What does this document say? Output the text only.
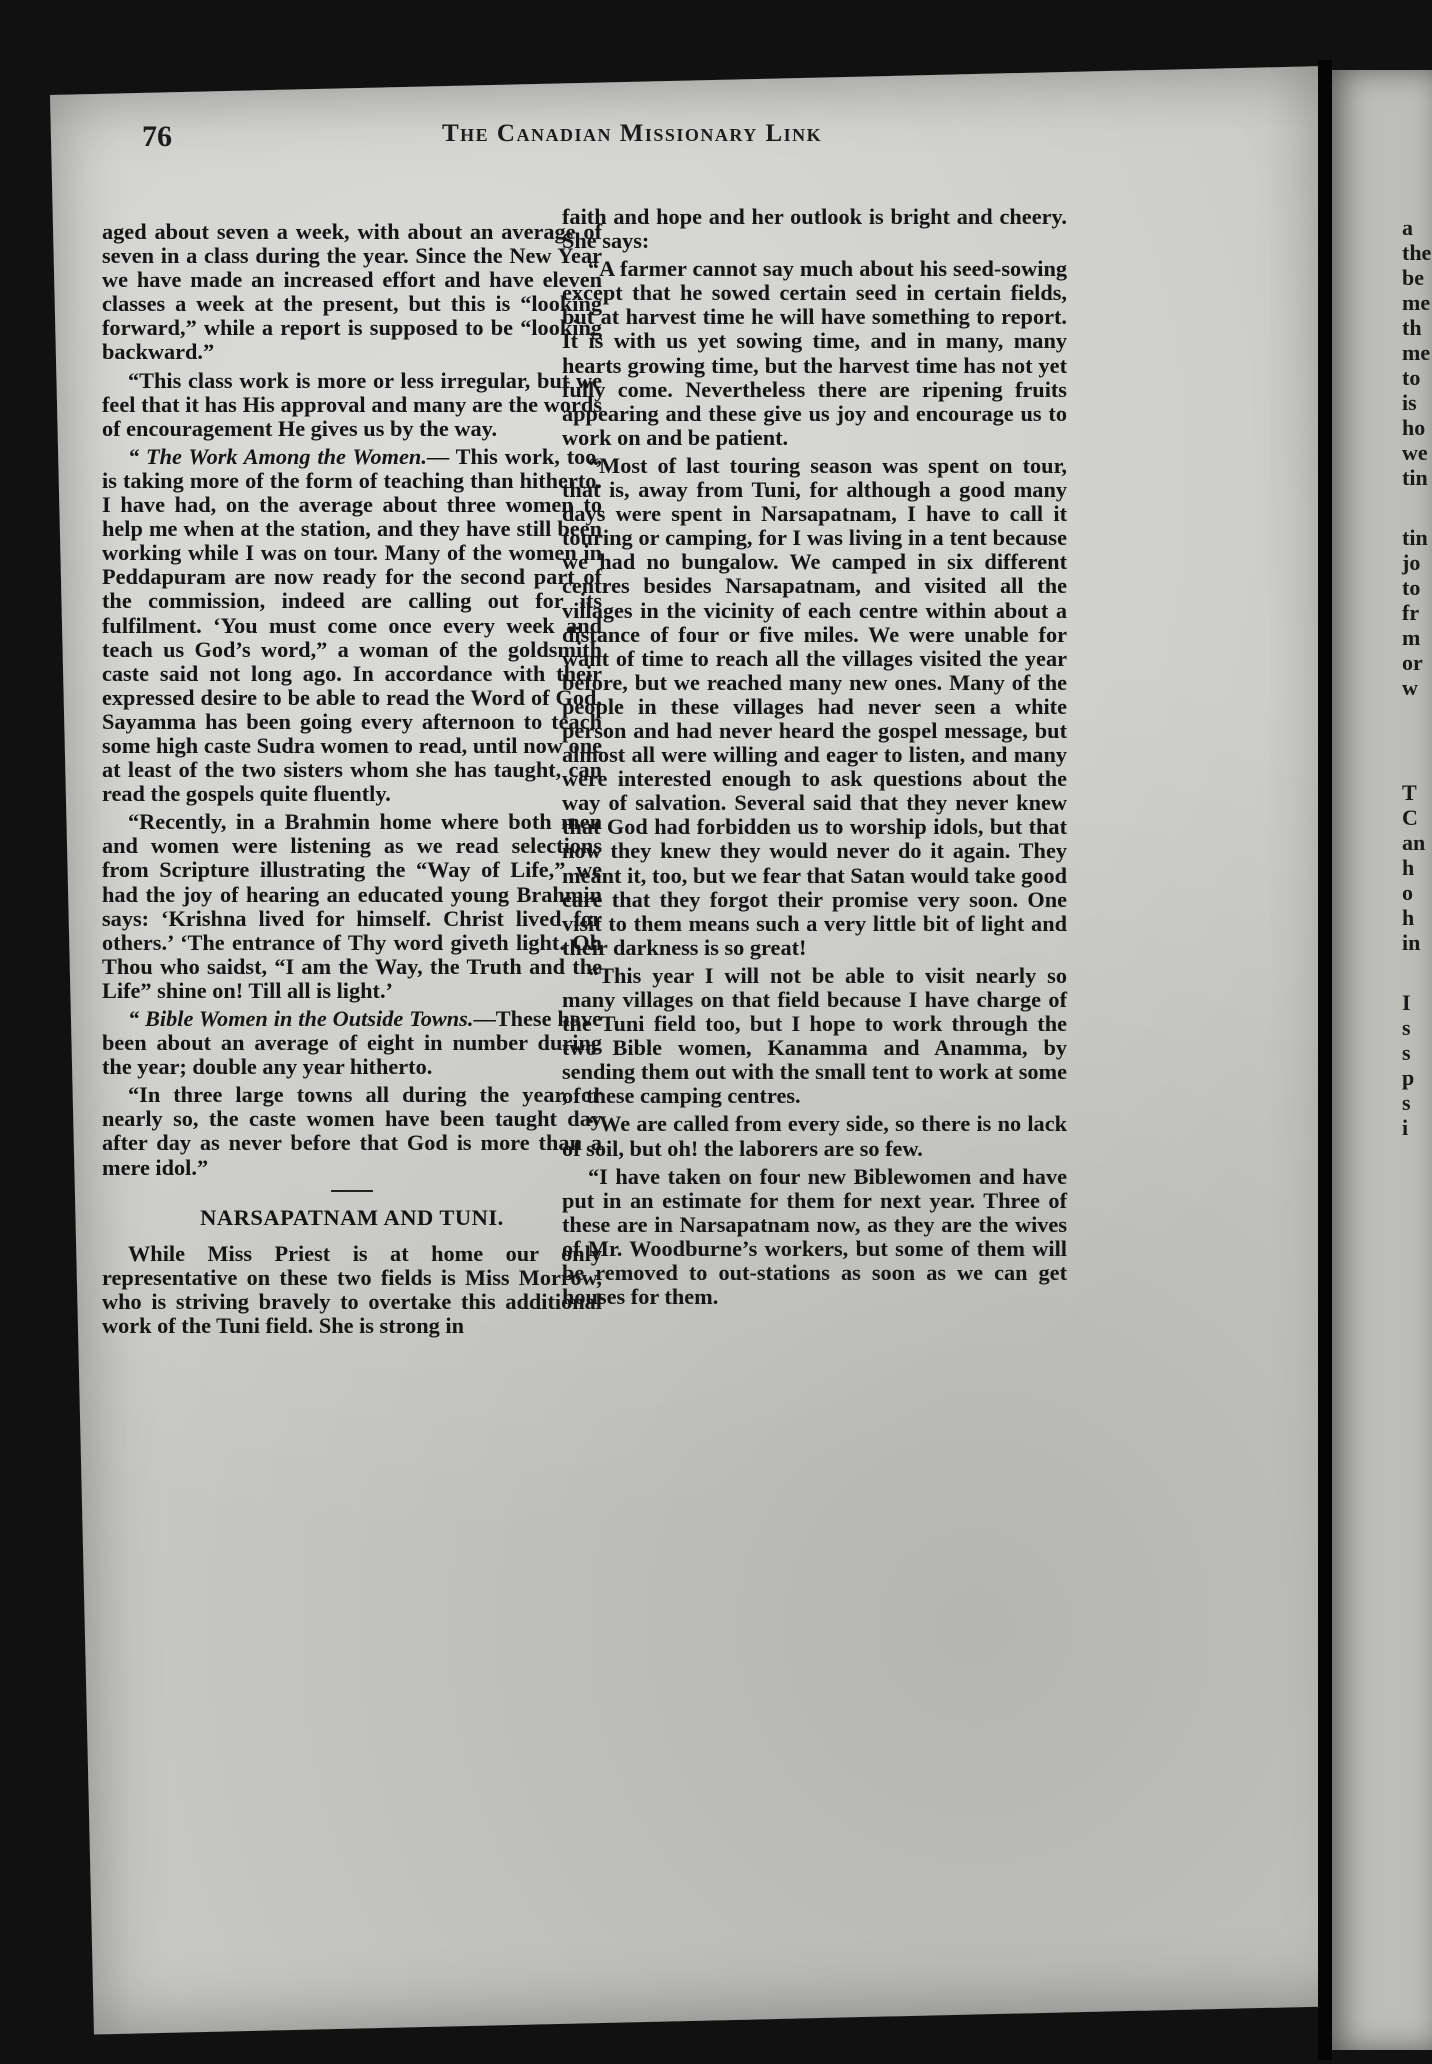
76	The Canadian Missionary Link

aged about seven a week, with about an average of seven in a class during the year. Since the New Year we have made an increased effort and have eleven classes a week at the present, but this is “looking forward,” while a report is supposed to be “looking backward.”

“This class work is more or less irregular, but we feel that it has His approval and many are the words of encouragement He gives us by the way.

“ The Work Among the Women.— This work, too, is taking more of the form of teaching than hitherto. I have had, on the average about three women to help me when at the station, and they have still been working while I was on tour. Many of the women in Peddapuram are now ready for the second part of the commission, indeed are calling out for its fulfilment. ‘You must come once every week and teach us God’s word,” a woman of the goldsmith caste said not long ago. In accordance with their expressed desire to be able to read the Word of God, Sayamma has been going every afternoon to teach some high caste Sudra women to read, until now one at least of the two sisters whom she has taught, can read the gospels quite fluently.

“Recently, in a Brahmin home where both men and women were listening as we read selections from Scripture illustrating the “Way of Life,” we had the joy of hearing an educated young Brahmin says: ‘Krishna lived for himself. Christ lived for others.’ ‘The entrance of Thy word giveth light. Oh Thou who saidst, “I am the Way, the Truth and the Life” shine on! Till all is light.’

“ Bible Women in the Outside Towns.—These have been about an average of eight in number during the year; double any year hitherto.

“In three large towns all during the year, or nearly so, the caste women have been taught day after day as never before that God is more than a mere idol.”

NARSAPATNAM AND TUNI.

While Miss Priest is at home our only representative on these two fields is Miss Morrow, who is striving bravely to overtake this additional work of the Tuni field. She is strong in

faith and hope and her outlook is bright and cheery. She says:

“A farmer cannot say much about his seed-sowing except that he sowed certain seed in certain fields, but at harvest time he will have something to report. It is with us yet sowing time, and in many, many hearts growing time, but the harvest time has not yet fully come. Nevertheless there are ripening fruits appearing and these give us joy and encourage us to work on and be patient.

“Most of last touring season was spent on tour, that is, away from Tuni, for although a good many days were spent in Narsapatnam, I have to call it touring or camping, for I was living in a tent because we had no bungalow. We camped in six different centres besides Narsapatnam, and visited all the villages in the vicinity of each centre within about a distance of four or five miles. We were unable for want of time to reach all the villages visited the year before, but we reached many new ones. Many of the people in these villages had never seen a white person and had never heard the gospel message, but almost all were willing and eager to listen, and many were interested enough to ask questions about the way of salvation. Several said that they never knew that God had forbidden us to worship idols, but that now they knew they would never do it again. They meant it, too, but we fear that Satan would take good care that they forgot their promise very soon. One visit to them means such a very little bit of light and their darkness is so great!

“This year I will not be able to visit nearly so many villages on that field because I have charge of the Tuni field too, but I hope to work through the two Bible women, Kanamma and Anamma, by sending them out with the small tent to work at some of these camping centres.

“We are called from every side, so there is no lack of soil, but oh! the laborers are so few.

“I have taken on four new Biblewomen and have put in an estimate for them for next year. Three of these are in Narsapatnam now, as they are the wives of Mr. Woodburne’s workers, but some of them will be removed to out-stations as soon as we can get houses for them.

a
the
be
me
th
me
to
is
ho
we
tin
tin
jo
to
fr
m
or
w
T
C
an
h
o
h
in
I
s
s
p
s
i
